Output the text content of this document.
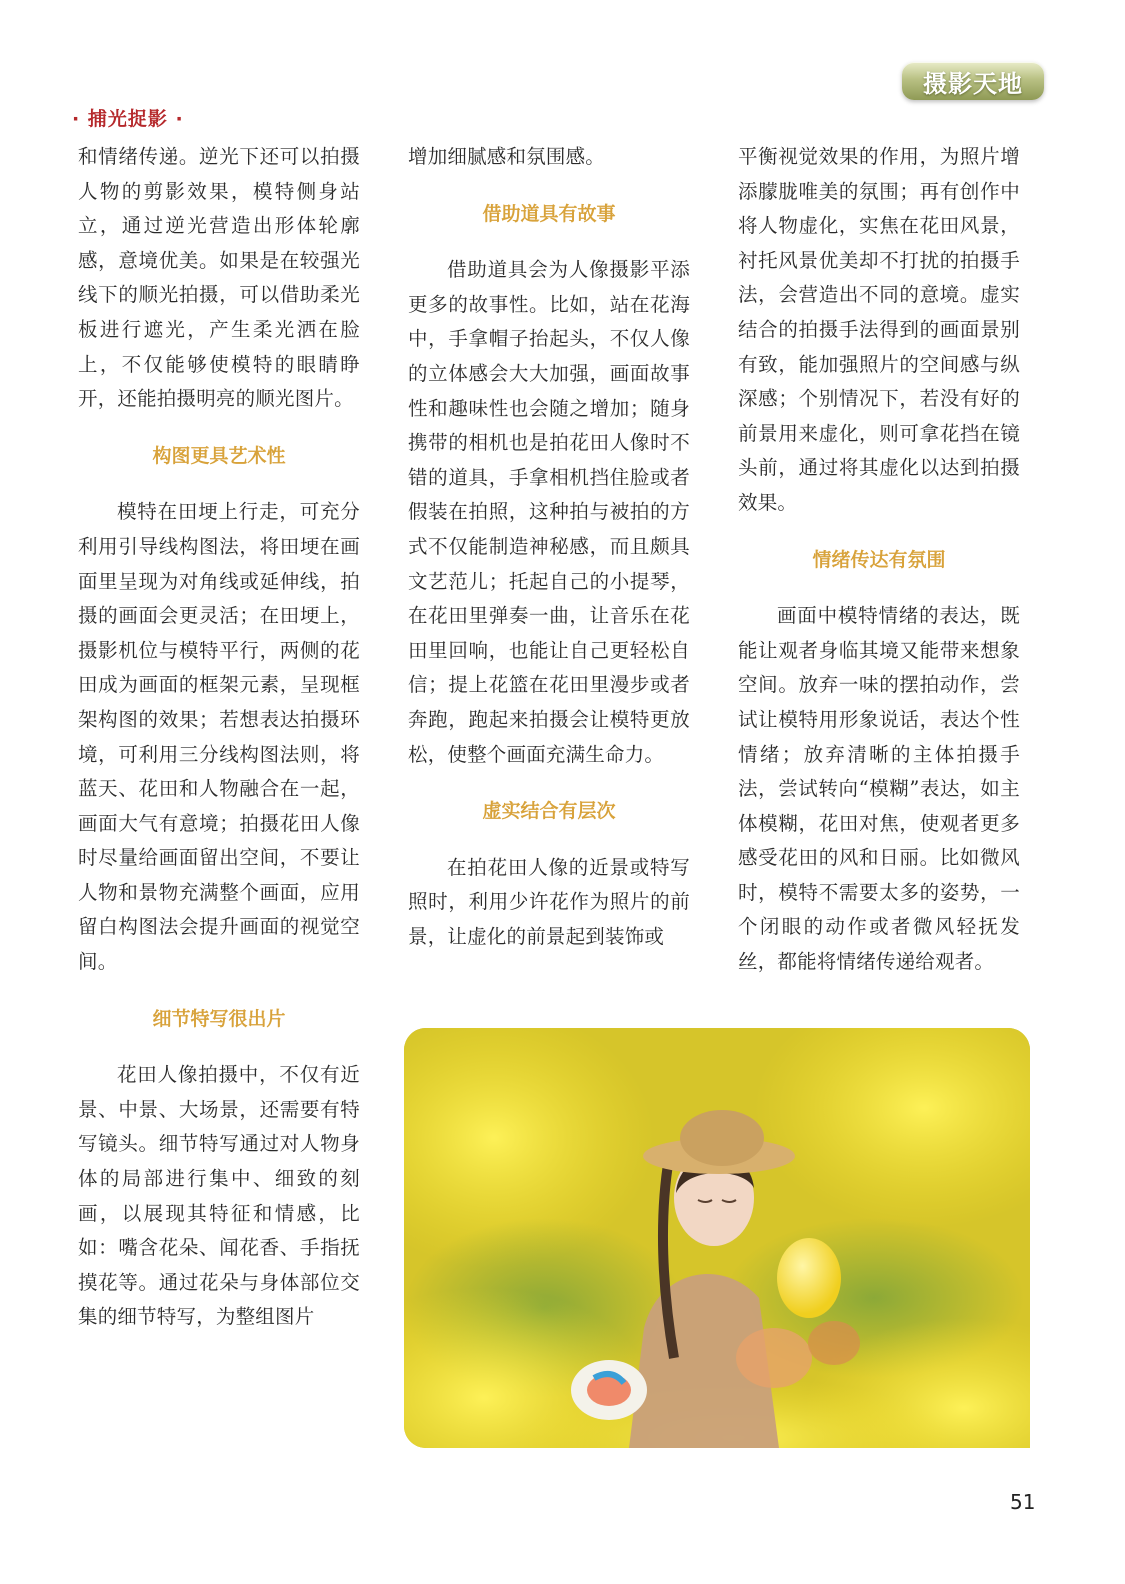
摄影天地
· 捕光捉影 ·

和情绪传递。逆光下还可以拍摄人物的剪影效果，模特侧身站立，通过逆光营造出形体轮廓感，意境优美。如果是在较强光线下的顺光拍摄，可以借助柔光板进行遮光，产生柔光洒在脸上，不仅能够使模特的眼睛睁开，还能拍摄明亮的顺光图片。

构图更具艺术性

模特在田埂上行走，可充分利用引导线构图法，将田埂在画面里呈现为对角线或延伸线，拍摄的画面会更灵活；在田埂上，摄影机位与模特平行，两侧的花田成为画面的框架元素，呈现框架构图的效果；若想表达拍摄环境，可利用三分线构图法则，将蓝天、花田和人物融合在一起，画面大气有意境；拍摄花田人像时尽量给画面留出空间，不要让人物和景物充满整个画面，应用留白构图法会提升画面的视觉空间。

细节特写很出片

花田人像拍摄中，不仅有近景、中景、大场景，还需要有特写镜头。细节特写通过对人物身体的局部进行集中、细致的刻画，以展现其特征和情感，比如：嘴含花朵、闻花香、手指抚摸花等。通过花朵与身体部位交集的细节特写，为整组图片

增加细腻感和氛围感。

借助道具有故事

借助道具会为人像摄影平添更多的故事性。比如，站在花海中，手拿帽子抬起头，不仅人像的立体感会大大加强，画面故事性和趣味性也会随之增加；随身携带的相机也是拍花田人像时不错的道具，手拿相机挡住脸或者假装在拍照，这种拍与被拍的方式不仅能制造神秘感，而且颇具文艺范儿；托起自己的小提琴，在花田里弹奏一曲，让音乐在花田里回响，也能让自己更轻松自信；提上花篮在花田里漫步或者奔跑，跑起来拍摄会让模特更放松，使整个画面充满生命力。

虚实结合有层次

在拍花田人像的近景或特写照时，利用少许花作为照片的前景，让虚化的前景起到装饰或

平衡视觉效果的作用，为照片增添朦胧唯美的氛围；再有创作中将人物虚化，实焦在花田风景，衬托风景优美却不打扰的拍摄手法，会营造出不同的意境。虚实结合的拍摄手法得到的画面景别有致，能加强照片的空间感与纵深感；个别情况下，若没有好的前景用来虚化，则可拿花挡在镜头前，通过将其虚化以达到拍摄效果。

情绪传达有氛围

画面中模特情绪的表达，既能让观者身临其境又能带来想象空间。放弃一味的摆拍动作，尝试让模特用形象说话，表达个性情绪；放弃清晰的主体拍摄手法，尝试转向“模糊”表达，如主体模糊，花田对焦，使观者更多感受花田的风和日丽。比如微风时，模特不需要太多的姿势，一个闭眼的动作或者微风轻抚发丝，都能将情绪传递给观者。

51
